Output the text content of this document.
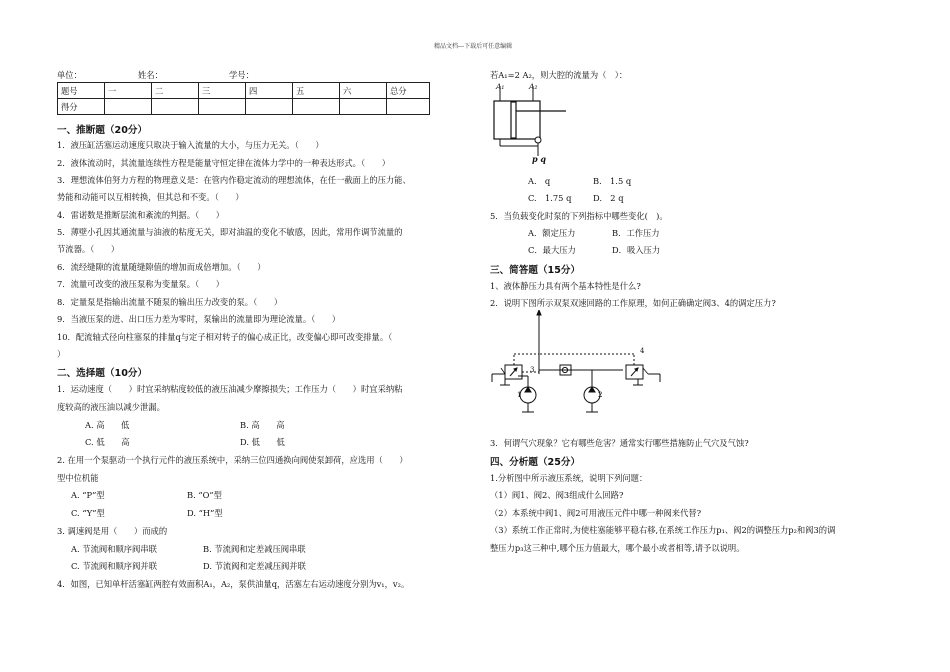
精品文档---下载后可任意编辑
单位：	姓名：	学号：
题号	一	二	三	四	五	六	总分
得分							
一、推断题（20分）
1．液压缸活塞运动速度只取决于输入流量的大小，与压力无关。（　　）
2．液体流动时，其流量连续性方程是能量守恒定律在流体力学中的一种表达形式。（　　）
3．理想流体伯努力方程的物理意义是：在管内作稳定流动的理想流体，在任一截面上的压力能、
势能和动能可以互相转换，但其总和不变。（　　）
4．雷诺数是推断层流和紊流的判据。（　　）
5．薄壁小孔因其通流量与油液的粘度无关，即对油温的变化不敏感，因此，常用作调节流量的
节流器。（　　）
6．流经缝隙的流量随缝隙值的增加而成倍增加。（　　）
7．流量可改变的液压泵称为变量泵。（　　）
8．定量泵是指输出流量不随泵的输出压力改变的泵。（　　）
9．当液压泵的进、出口压力差为零时，泵输出的流量即为理论流量。（　　）
10．配流轴式径向柱塞泵的排量q与定子相对转子的偏心成正比，改变偏心即可改变排量。（
）
二、选择题（10分）
1．运动速度（　　）时宜采纳粘度较低的液压油减少摩擦损失；工作压力（　　）时宜采纳粘
度较高的液压油以减少泄漏。
A. 高　　低	B. 高　　高
C. 低　　高	D. 低　　低
2. 在用一个泵驱动一个执行元件的液压系统中，采纳三位四通换向阀使泵卸荷，应选用（　　）
型中位机能
A. “P”型	B. “O”型
C. “Y”型	D. “H”型
3. 调速阀是用（　　）而成的
A. 节流阀和顺序阀串联	B. 节流阀和定差减压阀串联
C. 节流阀和顺序阀并联	D. 节流阀和定差减压阀并联
4．如图，已知单杆活塞缸两腔有效面积A₁，A₂，泵供油量q，活塞左右运动速度分别为v₁，v₂。
若A₁=2 A₂，则大腔的流量为（　）：
A₁	A₂
p q
A.　q	B.　1.5 q
C.　1.75 q	D.　2 q
5．当负载变化时泵的下列指标中哪些变化(　)。
A．额定压力	B．工作压力
C．最大压力	D．吸入压力
三、简答题（15分）
1、液体静压力具有两个基本特性是什么?
2．说明下图所示双泵双速回路的工作原理，如何正确确定阀3、4的调定压力?
1	2
3
4
3．何谓气穴现象？它有哪些危害？通常实行哪些措施防止气穴及气蚀?
四、分析题（25分）
1.分析图中所示液压系统，说明下列问题：
（1）阀1、阀2、阀3组成什么回路?
（2）本系统中阀1、阀2可用液压元件中哪一种阀来代替?
（3）系统工作正常时,为使柱塞能够平稳右移,在系统工作压力p₁、阀2的调整压力p₂和阀3的调
整压力p₃这三种中,哪个压力值最大，哪个最小或者相等,请予以说明。
